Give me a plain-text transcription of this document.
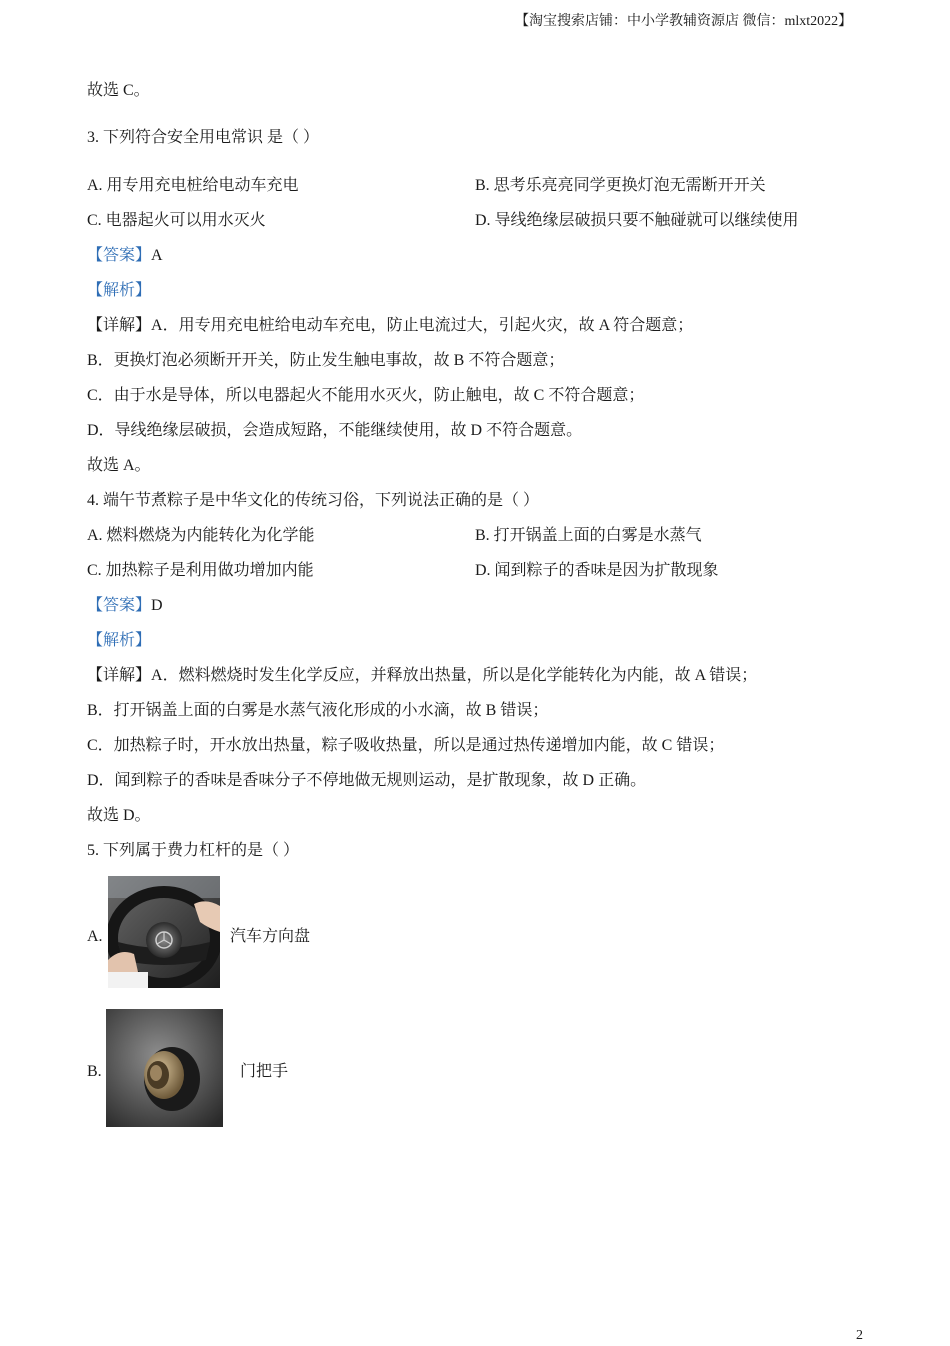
【淘宝搜索店铺：中小学教辅资源店 微信：mlxt2022】
故选 C。
3. 下列符合安全用电常识 是（ ）
A. 用专用充电桩给电动车充电	B. 思考乐亮亮同学更换灯泡无需断开开关
C. 电器起火可以用水灭火	D. 导线绝缘层破损只要不触碰就可以继续使用
【答案】A
【解析】
【详解】A．用专用充电桩给电动车充电，防止电流过大，引起火灾，故 A 符合题意；
B．更换灯泡必须断开开关，防止发生触电事故，故 B 不符合题意；
C．由于水是导体，所以电器起火不能用水灭火，防止触电，故 C 不符合题意；
D．导线绝缘层破损，会造成短路，不能继续使用，故 D 不符合题意。
故选 A。
4. 端午节煮粽子是中华文化的传统习俗，下列说法正确的是（ ）
A. 燃料燃烧为内能转化为化学能	B. 打开锅盖上面的白雾是水蒸气
C. 加热粽子是利用做功增加内能	D. 闻到粽子的香味是因为扩散现象
【答案】D
【解析】
【详解】A．燃料燃烧时发生化学反应，并释放出热量，所以是化学能转化为内能，故 A 错误；
B．打开锅盖上面的白雾是水蒸气液化形成的小水滴，故 B 错误；
C．加热粽子时，开水放出热量，粽子吸收热量，所以是通过热传递增加内能，故 C 错误；
D．闻到粽子的香味是香味分子不停地做无规则运动，是扩散现象，故 D 正确。
故选 D。
5. 下列属于费力杠杆的是（ ）
A.	汽车方向盘
B.	门把手
2
